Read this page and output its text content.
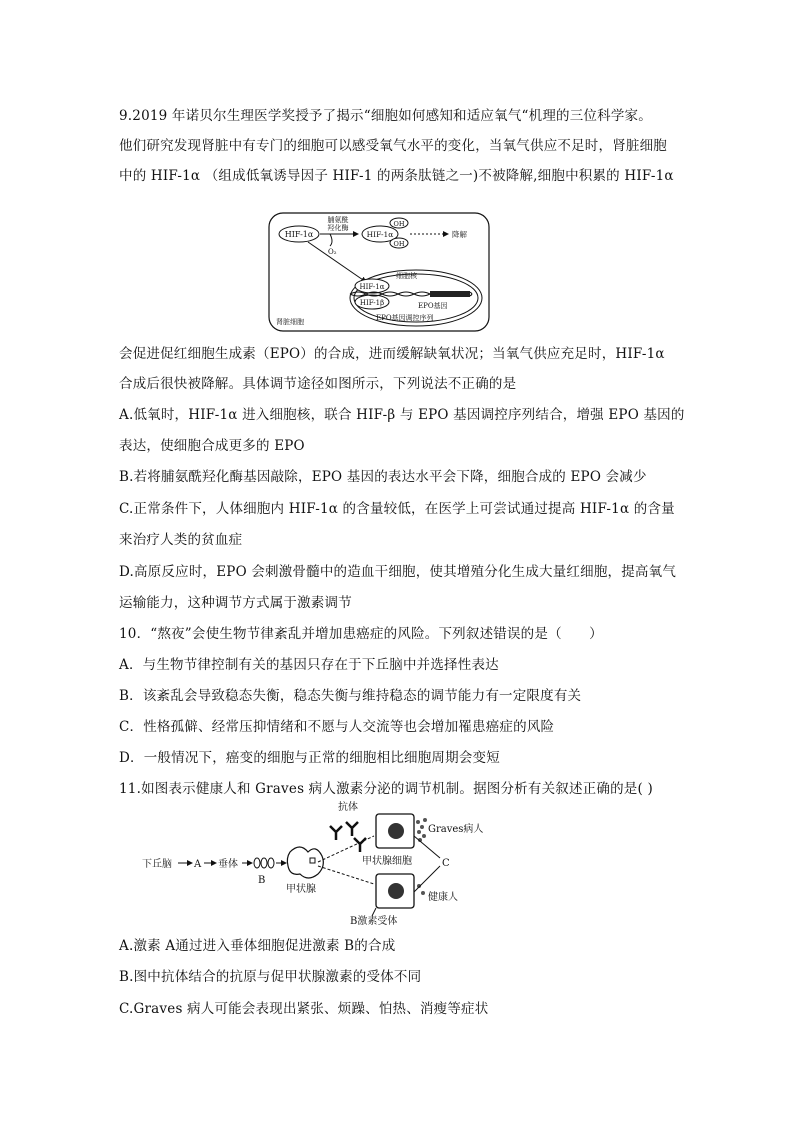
9.2019 年诺贝尔生理医学奖授予了揭示“细胞如何感知和适应氧气“机理的三位科学家。
他们研究发现肾脏中有专门的细胞可以感受氧气水平的变化，当氧气供应不足时，肾脏细胞
中的 HIF-1α （组成低氧诱导因子 HIF-1 的两条肽链之一)不被降解,细胞中积累的 HIF-1α
HIF-1α
脯氨酰
羟化酶
O₂
HIF-1α
OH
OH
降解
细胞核
HIF-1α
HIF-1β	EPO基因
EPO基因调控序列
肾脏细胞
会促进促红细胞生成素（EPO）的合成，进而缓解缺氧状况；当氧气供应充足时，HIF-1α
合成后很快被降解。具体调节途径如图所示，下列说法不正确的是
A.低氧时，HIF-1α 进入细胞核，联合 HIF-β 与 EPO 基因调控序列结合，增强 EPO 基因的
表达，使细胞合成更多的 EPO
B.若将脯氨酰羟化酶基因敲除，EPO 基因的表达水平会下降，细胞合成的 EPO 会减少
C.正常条件下，人体细胞内 HIF-1α 的含量较低，在医学上可尝试通过提高 HIF-1α 的含量
来治疗人类的贫血症
D.高原反应时，EPO 会刺激骨髓中的造血干细胞，使其增殖分化生成大量红细胞，提高氧气
运输能力，这种调节方式属于激素调节
10．“熬夜”会使生物节律紊乱并增加患癌症的风险。下列叙述错误的是（　　）
A．与生物节律控制有关的基因只存在于下丘脑中并选择性表达
B．该紊乱会导致稳态失衡，稳态失衡与维持稳态的调节能力有一定限度有关
C．性格孤僻、经常压抑情绪和不愿与人交流等也会增加罹患癌症的风险
D．一般情况下，癌变的细胞与正常的细胞相比细胞周期会变短
11.如图表示健康人和 Graves 病人激素分泌的调节机制。据图分析有关叙述正确的是( )
下丘脑 A 垂体
B
甲状腺
抗体
Graves病人
甲状腺细胞	C
健康人
B激素受体
A.激素 A通过进入垂体细胞促进激素 B的合成
B.图中抗体结合的抗原与促甲状腺激素的受体不同
C.Graves 病人可能会表现出紧张、烦躁、怕热、消瘦等症状
